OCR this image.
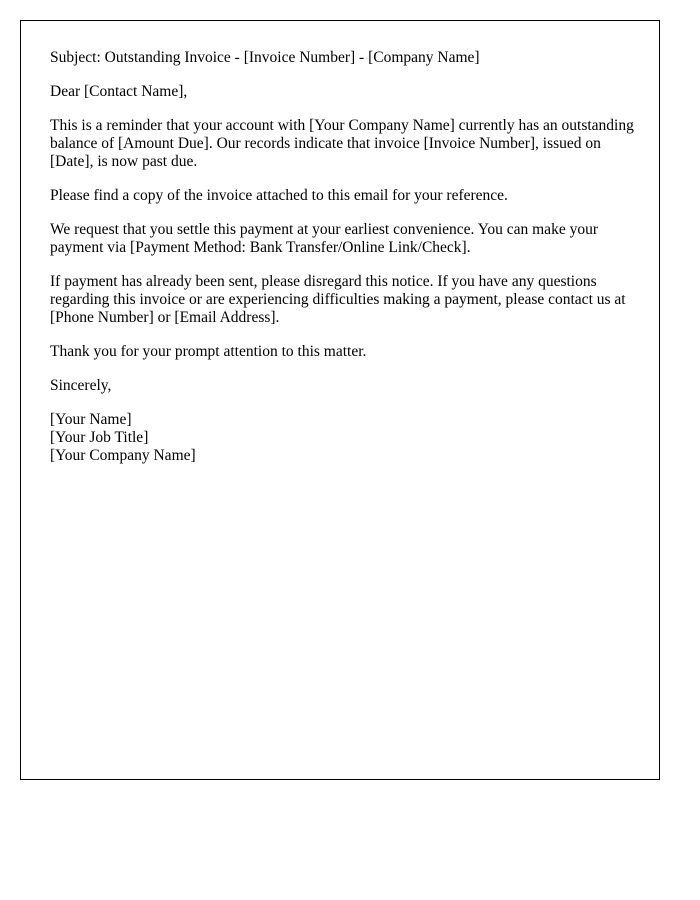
Subject: Outstanding Invoice - [Invoice Number] - [Company Name]

Dear [Contact Name],

This is a reminder that your account with [Your Company Name] currently has an outstanding balance of [Amount Due]. Our records indicate that invoice [Invoice Number], issued on [Date], is now past due.

Please find a copy of the invoice attached to this email for your reference.

We request that you settle this payment at your earliest convenience. You can make your payment via [Payment Method: Bank Transfer/Online Link/Check].

If payment has already been sent, please disregard this notice. If you have any questions regarding this invoice or are experiencing difficulties making a payment, please contact us at [Phone Number] or [Email Address].

Thank you for your prompt attention to this matter.

Sincerely,

[Your Name]
[Your Job Title]
[Your Company Name]
